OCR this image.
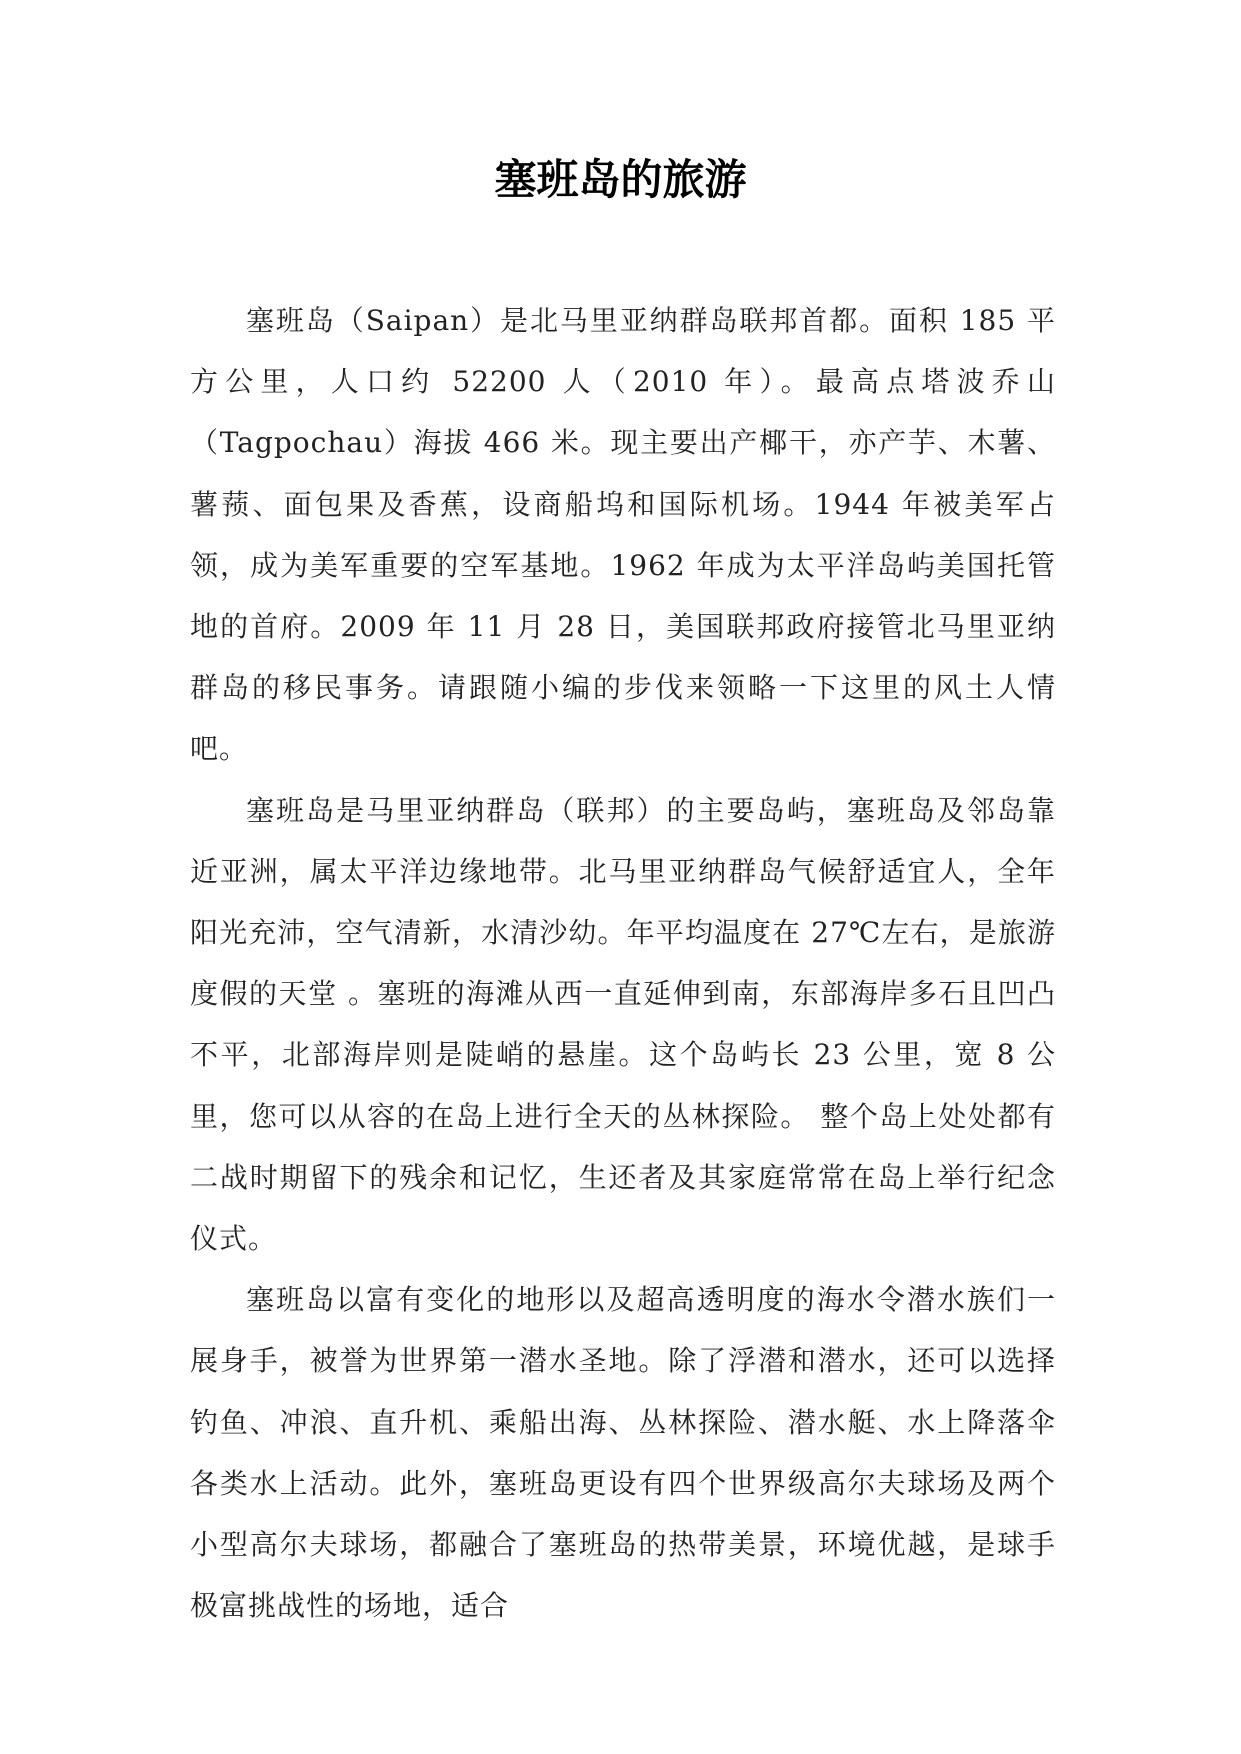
塞班岛的旅游

塞班岛（Saipan）是北马里亚纳群岛联邦首都。面积 185 平方公里，人口约 52200 人（2010 年）。最高点塔波乔山（Tagpochau）海拔 466 米。现主要出产椰干，亦产芋、木薯、薯蓣、面包果及香蕉，设商船坞和国际机场。1944 年被美军占领，成为美军重要的空军基地。1962 年成为太平洋岛屿美国托管地的首府。2009 年 11 月 28 日，美国联邦政府接管北马里亚纳群岛的移民事务。请跟随小编的步伐来领略一下这里的风土人情吧。

塞班岛是马里亚纳群岛（联邦）的主要岛屿，塞班岛及邻岛靠近亚洲，属太平洋边缘地带。北马里亚纳群岛气候舒适宜人，全年阳光充沛，空气清新，水清沙幼。年平均温度在 27℃左右，是旅游度假的天堂 。塞班的海滩从西一直延伸到南，东部海岸多石且凹凸不平，北部海岸则是陡峭的悬崖。这个岛屿长 23 公里，宽 8 公里，您可以从容的在岛上进行全天的丛林探险。 整个岛上处处都有二战时期留下的残余和记忆，生还者及其家庭常常在岛上举行纪念仪式。

塞班岛以富有变化的地形以及超高透明度的海水令潜水族们一展身手，被誉为世界第一潜水圣地。除了浮潜和潜水，还可以选择钓鱼、冲浪、直升机、乘船出海、丛林探险、潜水艇、水上降落伞各类水上活动。此外，塞班岛更设有四个世界级高尔夫球场及两个小型高尔夫球场，都融合了塞班岛的热带美景，环境优越，是球手极富挑战性的场地，适合
